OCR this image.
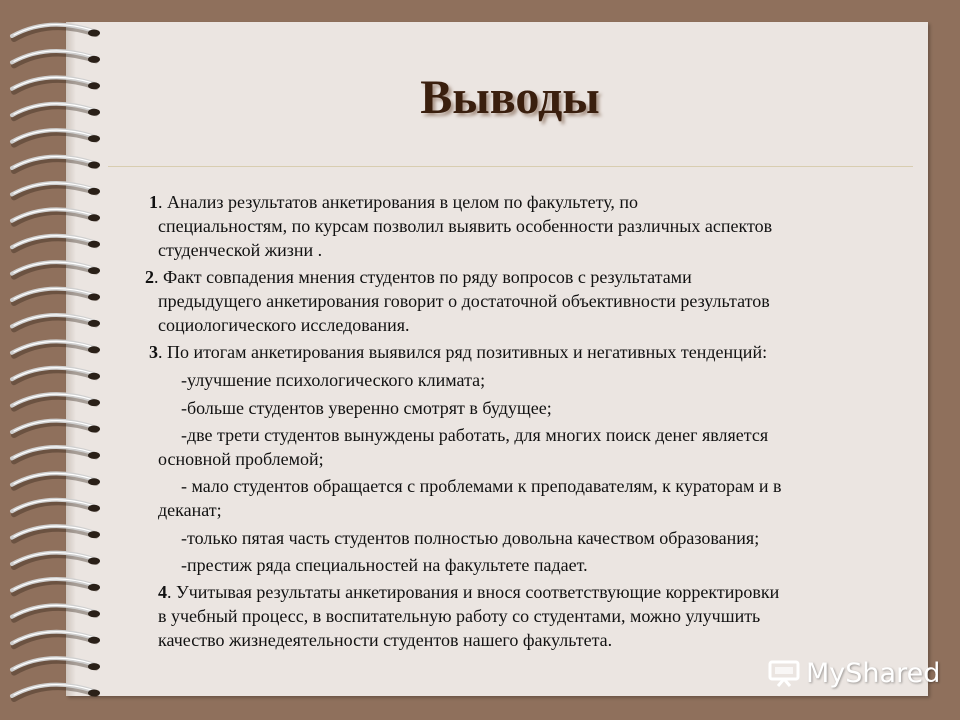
Выводы
1. Анализ результатов анкетирования в целом по факультету, по
специальностям, по курсам позволил выявить особенности различных аспектов
студенческой жизни .
2. Факт совпадения мнения студентов по ряду вопросов с результатами
предыдущего анкетирования говорит о достаточной объективности результатов
социологического исследования.
3. По итогам анкетирования выявился ряд позитивных и негативных тенденций:
-улучшение психологического климата;
-больше студентов уверенно смотрят в будущее;
-две трети студентов вынуждены работать, для многих поиск денег является
основной проблемой;
- мало студентов обращается с проблемами к преподавателям, к кураторам и в
деканат;
-только пятая часть студентов полностью довольна качеством образования;
-престиж ряда специальностей на факультете падает.
4. Учитывая результаты анкетирования и внося соответствующие корректировки
в учебный процесс, в воспитательную работу со студентами, можно улучшить
качество жизнедеятельности студентов нашего факультета.
MyShared
